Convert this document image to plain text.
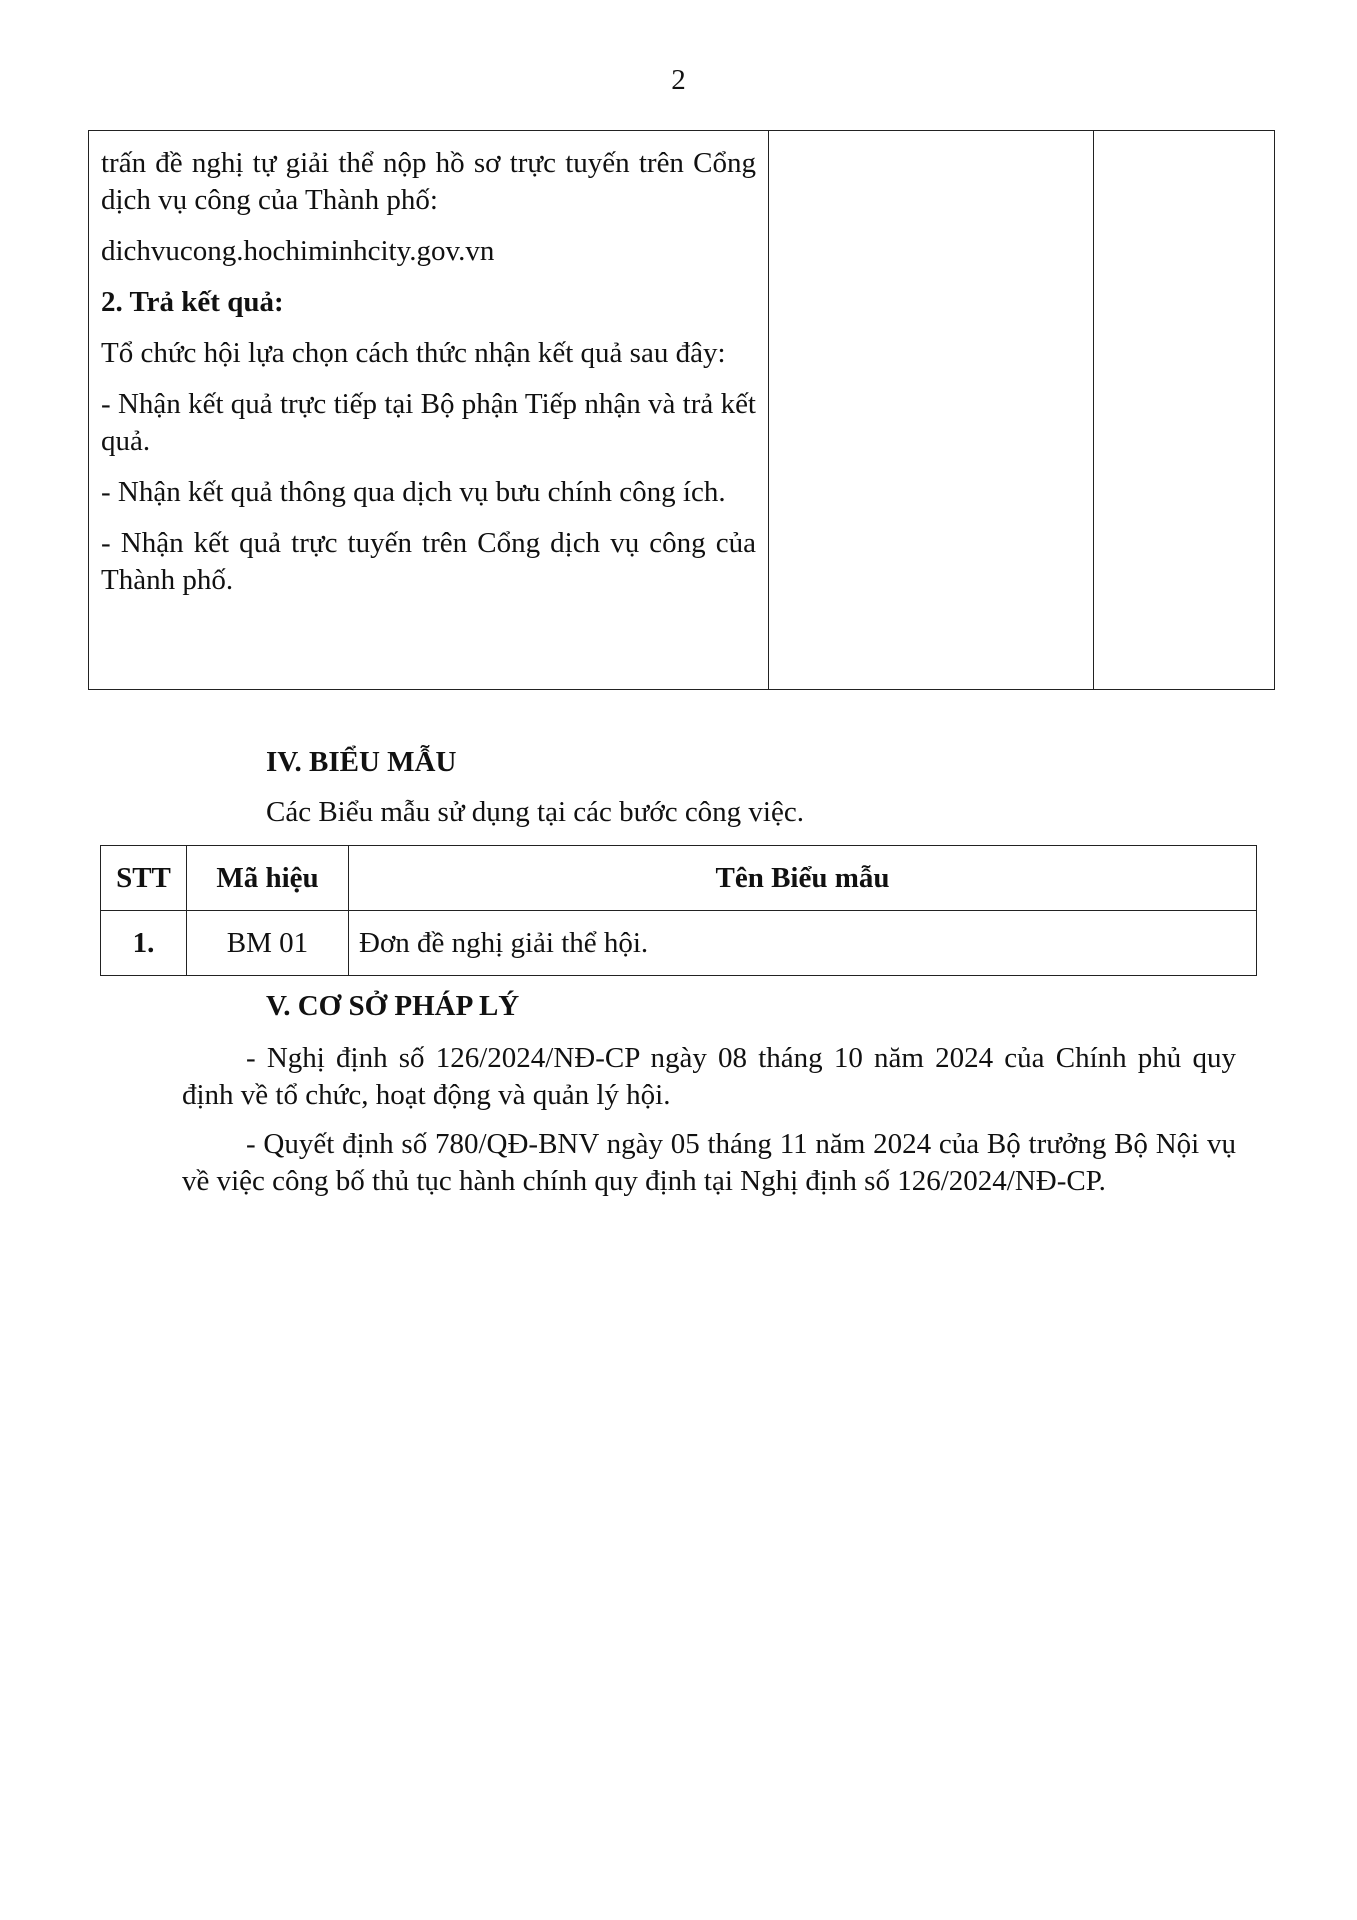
2

trấn đề nghị tự giải thể nộp hồ sơ trực tuyến trên Cổng dịch vụ công của Thành phố:

dichvucong.hochiminhcity.gov.vn

2. Trả kết quả:

Tổ chức hội lựa chọn cách thức nhận kết quả sau đây:

- Nhận kết quả trực tiếp tại Bộ phận Tiếp nhận và trả kết quả.

- Nhận kết quả thông qua dịch vụ bưu chính công ích.

- Nhận kết quả trực tuyến trên Cổng dịch vụ công của Thành phố.

IV. BIỂU MẪU
Các Biểu mẫu sử dụng tại các bước công việc.
STT	Mã hiệu	Tên Biểu mẫu
1.	BM 01	Đơn đề nghị giải thể hội.
V. CƠ SỞ PHÁP LÝ

- Nghị định số 126/2024/NĐ-CP ngày 08 tháng 10 năm 2024 của Chính phủ quy định về tổ chức, hoạt động và quản lý hội.

- Quyết định số 780/QĐ-BNV ngày 05 tháng 11 năm 2024 của Bộ trưởng Bộ Nội vụ về việc công bố thủ tục hành chính quy định tại Nghị định số 126/2024/NĐ-CP.
